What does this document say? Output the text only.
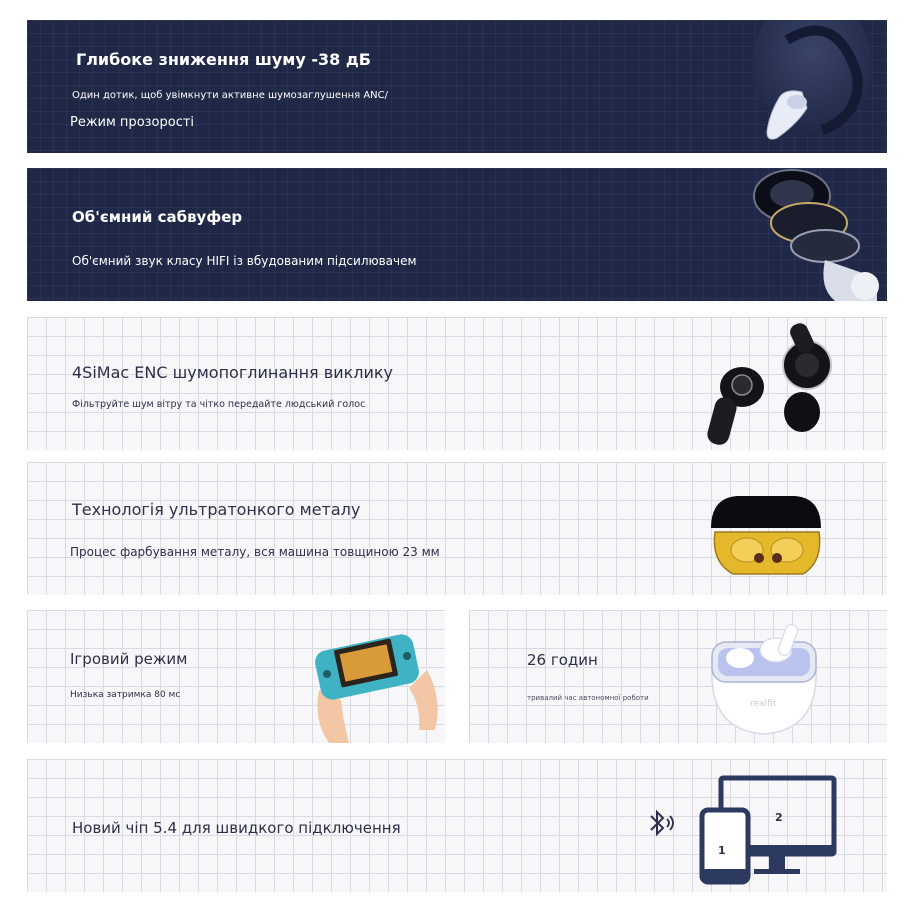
Глибоке зниження шуму -38 дБ
Один дотик, щоб увімкнути активне шумозаглушення ANC/
Режим прозорості
Об'ємний сабвуфер
Об'ємний звук класу HIFI із вбудованим підсилювачем
4SiMac ENC шумопоглинання виклику
Фільтруйте шум вітру та чітко передайте людський голос
Технологія ультратонкого металу
Процес фарбування металу, вся машина товщиною 23 мм
Ігровий режим
Низька затримка 80 мс
26 годин
тривалий час автономної роботи
realfit
Новий чіп 5.4 для швидкого підключення
2
1
